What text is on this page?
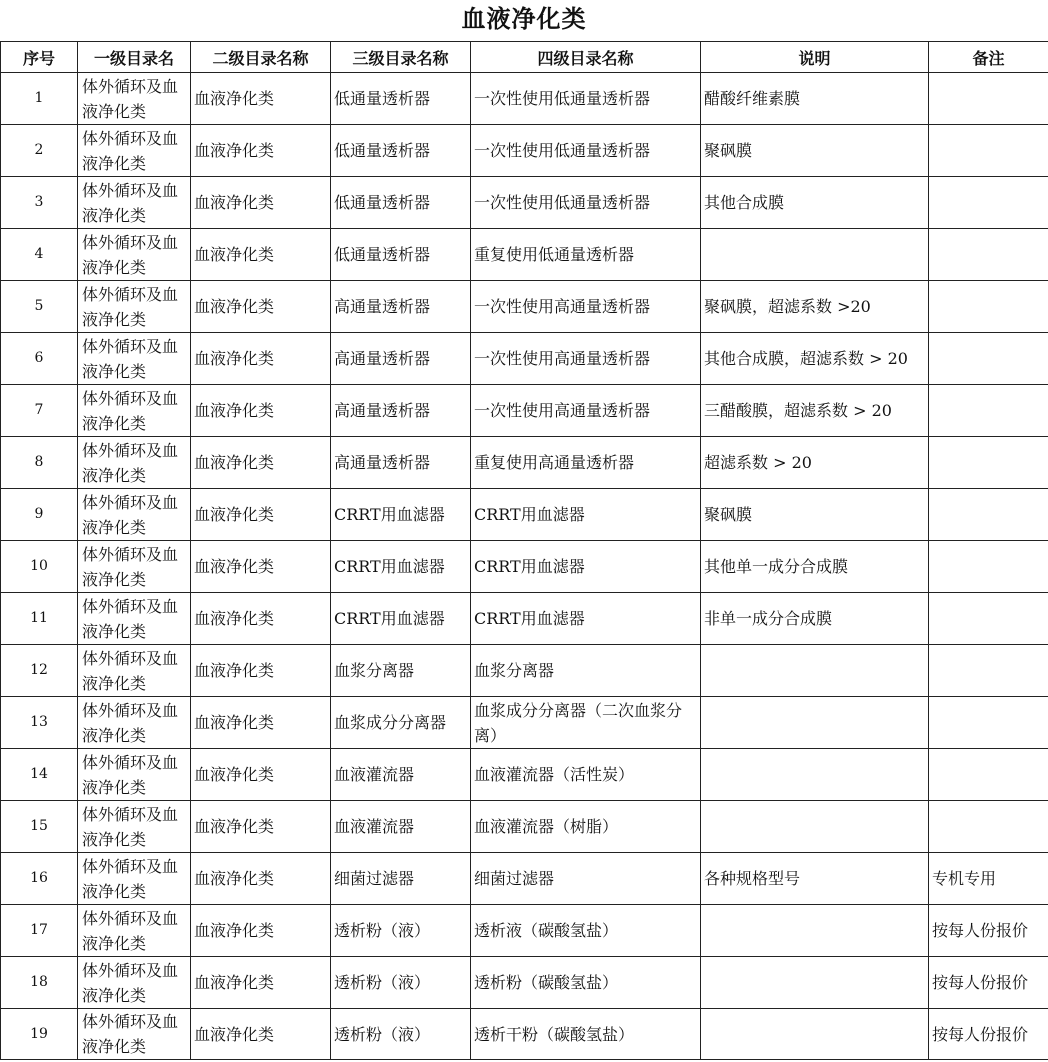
血液净化类
序号	一级目录名	二级目录名称	三级目录名称	四级目录名称	说明	备注
1	体外循环及血液净化类	血液净化类	低通量透析器	一次性使用低通量透析器	醋酸纤维素膜	
2	体外循环及血液净化类	血液净化类	低通量透析器	一次性使用低通量透析器	聚砜膜	
3	体外循环及血液净化类	血液净化类	低通量透析器	一次性使用低通量透析器	其他合成膜	
4	体外循环及血液净化类	血液净化类	低通量透析器	重复使用低通量透析器		
5	体外循环及血液净化类	血液净化类	高通量透析器	一次性使用高通量透析器	聚砜膜，超滤系数 >20	
6	体外循环及血液净化类	血液净化类	高通量透析器	一次性使用高通量透析器	其他合成膜，超滤系数 > 20	
7	体外循环及血液净化类	血液净化类	高通量透析器	一次性使用高通量透析器	三醋酸膜，超滤系数 > 20	
8	体外循环及血液净化类	血液净化类	高通量透析器	重复使用高通量透析器	超滤系数 > 20	
9	体外循环及血液净化类	血液净化类	CRRT用血滤器	CRRT用血滤器	聚砜膜	
10	体外循环及血液净化类	血液净化类	CRRT用血滤器	CRRT用血滤器	其他单一成分合成膜	
11	体外循环及血液净化类	血液净化类	CRRT用血滤器	CRRT用血滤器	非单一成分合成膜	
12	体外循环及血液净化类	血液净化类	血浆分离器	血浆分离器		
13	体外循环及血液净化类	血液净化类	血浆成分分离器	血浆成分分离器（二次血浆分离）		
14	体外循环及血液净化类	血液净化类	血液灌流器	血液灌流器（活性炭）		
15	体外循环及血液净化类	血液净化类	血液灌流器	血液灌流器（树脂）		
16	体外循环及血液净化类	血液净化类	细菌过滤器	细菌过滤器	各种规格型号	专机专用
17	体外循环及血液净化类	血液净化类	透析粉（液）	透析液（碳酸氢盐）		按每人份报价
18	体外循环及血液净化类	血液净化类	透析粉（液）	透析粉（碳酸氢盐）		按每人份报价
19	体外循环及血液净化类	血液净化类	透析粉（液）	透析干粉（碳酸氢盐）		按每人份报价
